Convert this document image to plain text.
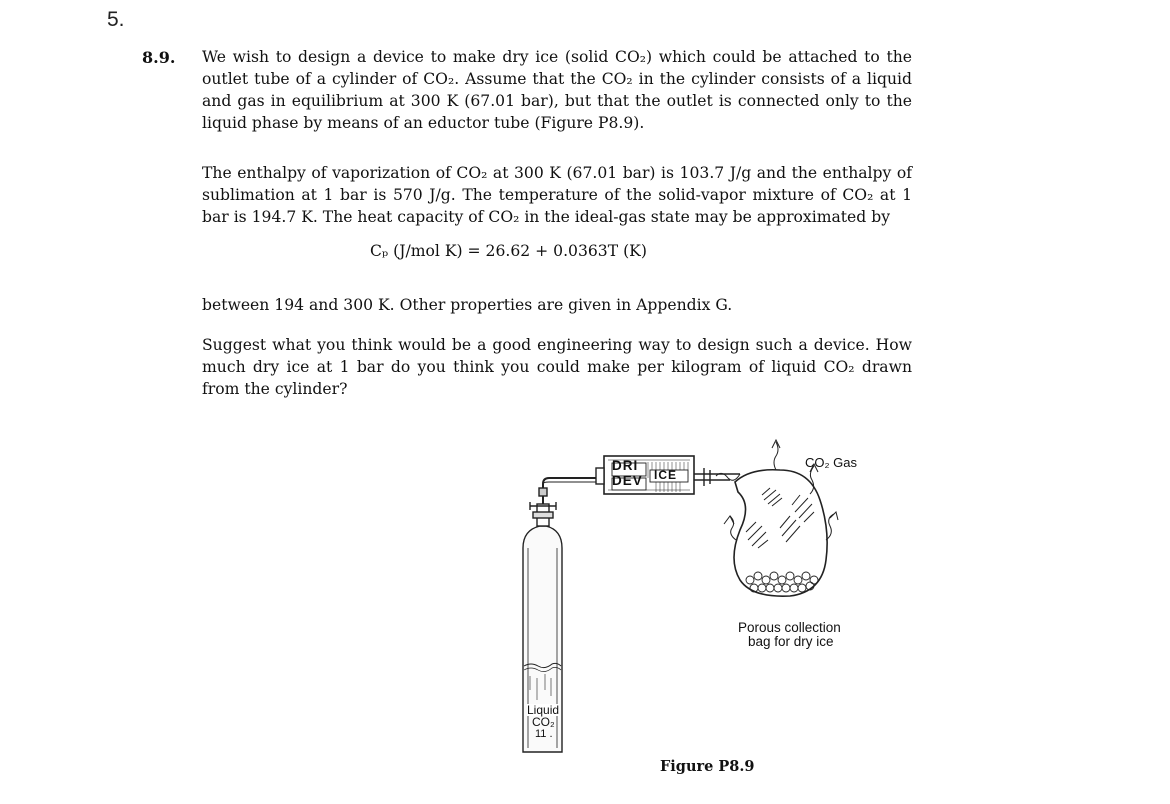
5.
8.9. We wish to design a device to make dry ice (solid CO₂) which could be attached to the outlet tube of a cylinder of CO₂. Assume that the CO₂ in the cylinder consists of a liquid and gas in equilibrium at 300 K (67.01 bar), but that the outlet is connected only to the liquid phase by means of an eductor tube (Figure P8.9).
The enthalpy of vaporization of CO₂ at 300 K (67.01 bar) is 103.7 J/g and the enthalpy of sublimation at 1 bar is 570 J/g. The temperature of the solid-vapor mixture of CO₂ at 1 bar is 194.7 K. The heat capacity of CO₂ in the ideal-gas state may be approximated by
Cₚ (J/mol K) = 26.62 + 0.0363T (K)
between 194 and 300 K. Other properties are given in Appendix G.
Suggest what you think would be a good engineering way to design such a device. How much dry ice at 1 bar do you think you could make per kilogram of liquid CO₂ drawn from the cylinder?
DRI
DEV ICE
CO₂ Gas
Porous collection
bag for dry ice
Liquid
CO₂
11 .
Figure P8.9
